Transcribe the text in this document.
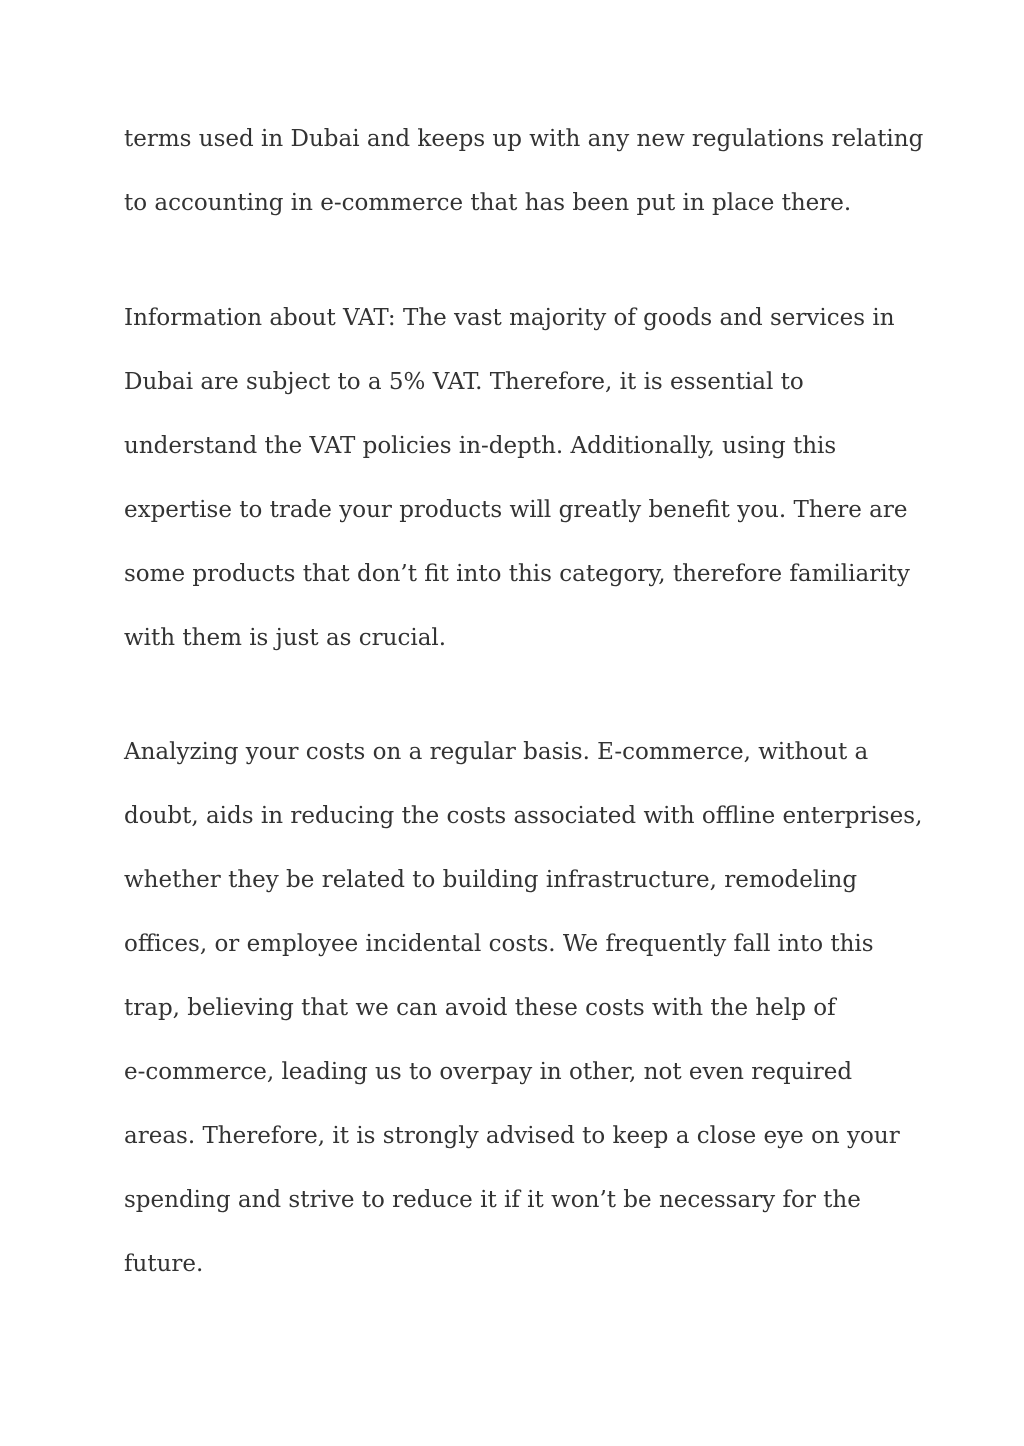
terms used in Dubai and keeps up with any new regulations relating
to accounting in e-commerce that has been put in place there.
Information about VAT: The vast majority of goods and services in
Dubai are subject to a 5% VAT. Therefore, it is essential to
understand the VAT policies in-depth. Additionally, using this
expertise to trade your products will greatly benefit you. There are
some products that don’t fit into this category, therefore familiarity
with them is just as crucial.
Analyzing your costs on a regular basis. E-commerce, without a
doubt, aids in reducing the costs associated with offline enterprises,
whether they be related to building infrastructure, remodeling
offices, or employee incidental costs. We frequently fall into this
trap, believing that we can avoid these costs with the help of
e-commerce, leading us to overpay in other, not even required
areas. Therefore, it is strongly advised to keep a close eye on your
spending and strive to reduce it if it won’t be necessary for the
future.
